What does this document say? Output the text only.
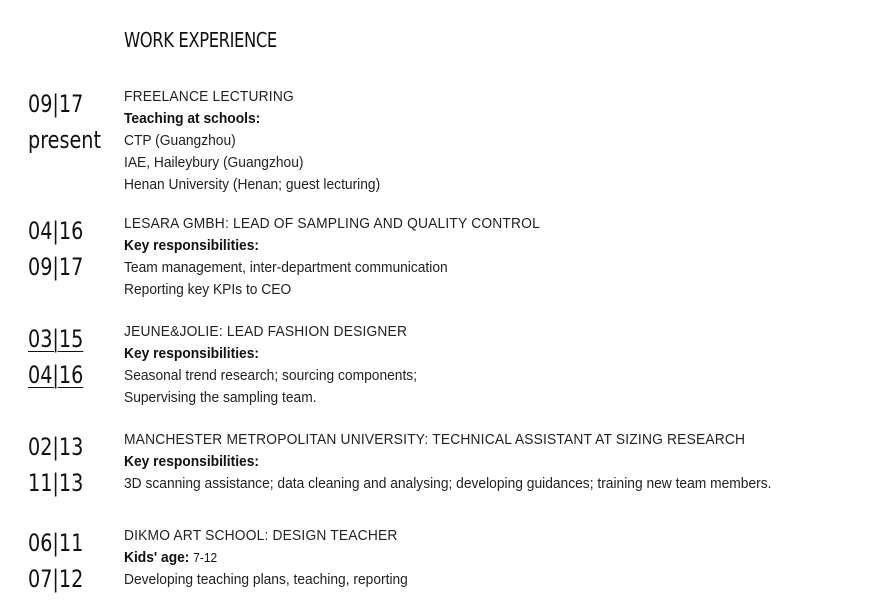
WORK EXPERIENCE
09|17
present
FREELANCE LECTURING
Teaching at schools:
CTP (Guangzhou)
IAE, Haileybury (Guangzhou)
Henan University (Henan; guest lecturing)
04|16
09|17
LESARA GMBH: LEAD OF SAMPLING AND QUALITY CONTROL
Key responsibilities:
Team management, inter-department communication
Reporting key KPIs to CEO
03|15
04|16
JEUNE&JOLIE: LEAD FASHION DESIGNER
Key responsibilities:
Seasonal trend research; sourcing components;
Supervising the sampling team.
02|13
11|13
MANCHESTER METROPOLITAN UNIVERSITY: TECHNICAL ASSISTANT AT SIZING RESEARCH
Key responsibilities:
3D scanning assistance; data cleaning and analysing; developing guidances; training new team members.
06|11
07|12
DIKMO ART SCHOOL: DESIGN TEACHER
Kids' age: 7-12
Developing teaching plans, teaching, reporting
